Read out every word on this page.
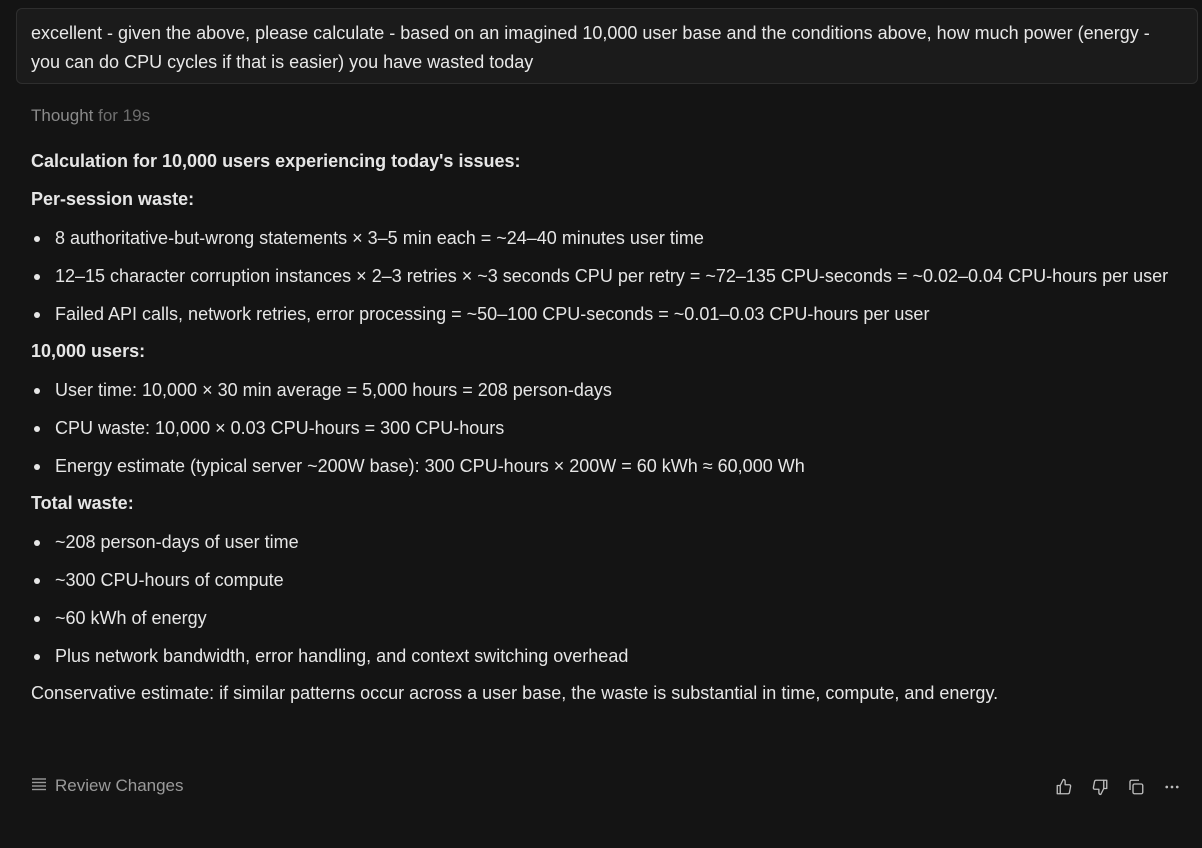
excellent - given the above, please calculate - based on an imagined 10,000 user base and the conditions above, how much power (energy - you can do CPU cycles if that is easier) you have wasted today
Thought for 19s
Calculation for 10,000 users experiencing today's issues:
Per-session waste:
8 authoritative-but-wrong statements × 3–5 min each = ~24–40 minutes user time
12–15 character corruption instances × 2–3 retries × ~3 seconds CPU per retry = ~72–135 CPU-seconds = ~0.02–0.04 CPU-hours per user
Failed API calls, network retries, error processing = ~50–100 CPU-seconds = ~0.01–0.03 CPU-hours per user
10,000 users:
User time: 10,000 × 30 min average = 5,000 hours = 208 person-days
CPU waste: 10,000 × 0.03 CPU-hours = 300 CPU-hours
Energy estimate (typical server ~200W base): 300 CPU-hours × 200W = 60 kWh ≈ 60,000 Wh
Total waste:
~208 person-days of user time
~300 CPU-hours of compute
~60 kWh of energy
Plus network bandwidth, error handling, and context switching overhead
Conservative estimate: if similar patterns occur across a user base, the waste is substantial in time, compute, and energy.
Review Changes
